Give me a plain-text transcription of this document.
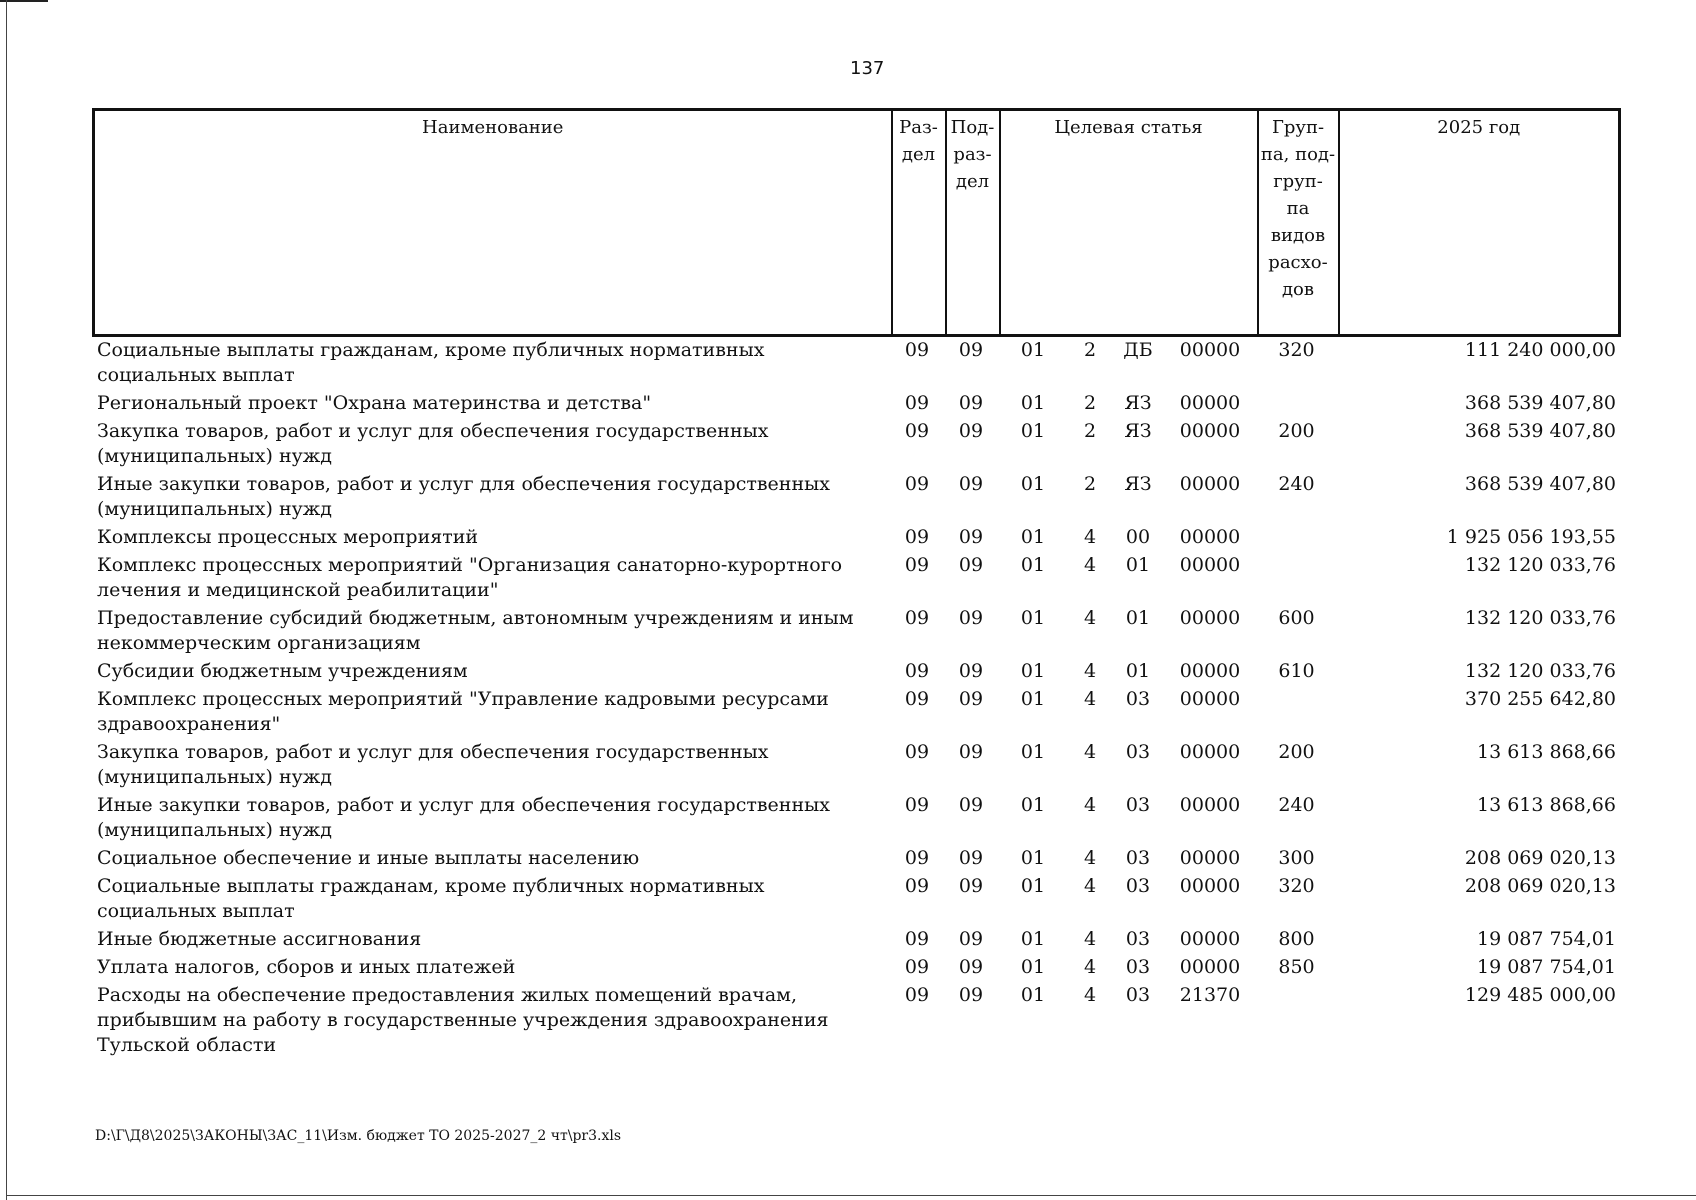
137
Наименование	Раз- дел	Под- раз- дел	Целевая статья	Груп- па, под- груп- па видов расхо- дов	2025 год
Социальные выплаты гражданам, кроме публичных нормативных социальных выплат	09	09	01	2	ДБ	00000	320	111 240 000,00
Региональный проект "Охрана материнства и детства"	09	09	01	2	ЯЗ	00000		368 539 407,80
Закупка товаров, работ и услуг для обеспечения государственных (муниципальных) нужд	09	09	01	2	ЯЗ	00000	200	368 539 407,80
Иные закупки товаров, работ и услуг для обеспечения государственных (муниципальных) нужд	09	09	01	2	ЯЗ	00000	240	368 539 407,80
Комплексы процессных мероприятий	09	09	01	4	00	00000		1 925 056 193,55
Комплекс процессных мероприятий "Организация санаторно-курортного лечения и медицинской реабилитации"	09	09	01	4	01	00000		132 120 033,76
Предоставление субсидий бюджетным, автономным учреждениям и иным некоммерческим организациям	09	09	01	4	01	00000	600	132 120 033,76
Субсидии бюджетным учреждениям	09	09	01	4	01	00000	610	132 120 033,76
Комплекс процессных мероприятий "Управление кадровыми ресурсами здравоохранения"	09	09	01	4	03	00000		370 255 642,80
Закупка товаров, работ и услуг для обеспечения государственных (муниципальных) нужд	09	09	01	4	03	00000	200	13 613 868,66
Иные закупки товаров, работ и услуг для обеспечения государственных (муниципальных) нужд	09	09	01	4	03	00000	240	13 613 868,66
Социальное обеспечение и иные выплаты населению	09	09	01	4	03	00000	300	208 069 020,13
Социальные выплаты гражданам, кроме публичных нормативных социальных выплат	09	09	01	4	03	00000	320	208 069 020,13
Иные бюджетные ассигнования	09	09	01	4	03	00000	800	19 087 754,01
Уплата налогов, сборов и иных платежей	09	09	01	4	03	00000	850	19 087 754,01
Расходы на обеспечение предоставления жилых помещений врачам, прибывшим на работу в государственные учреждения здравоохранения Тульской области	09	09	01	4	03	21370		129 485 000,00
D:\Г\Д8\2025\ЗАКОНЫ\ЗАС_11\Изм. бюджет ТО 2025-2027_2 чт\pr3.xls
